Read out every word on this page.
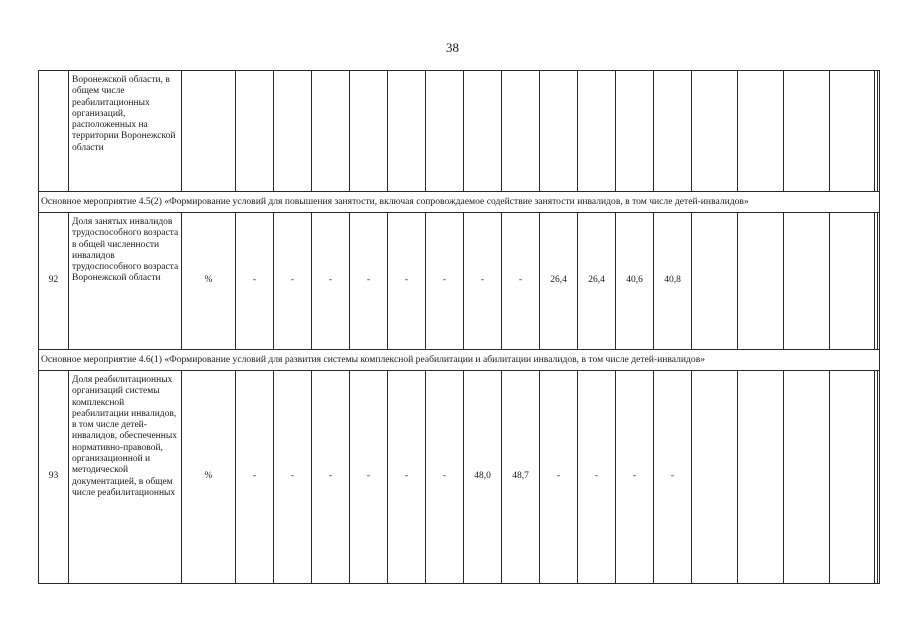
38
	Воронежской области, в общем числе реабилитационных организаций, расположенных на территории Воронежской области																			
Основное мероприятие 4.5(2) «Формирование условий для повышения занятости, включая сопровождаемое содействие занятости инвалидов, в том числе детей-инвалидов»																				
92	Доля занятых инвалидов трудоспособного возраста в общей численности инвалидов трудоспособного возраста Воронежской области	%	-	-	-	-	-	-	-	-	26,4	26,4	40,6	40,8						
Основное мероприятие 4.6(1) «Формирование условий для развития системы комплексной реабилитации и абилитации инвалидов, в том числе детей-инвалидов»																				
93	Доля реабилитационных организаций системы комплексной реабилитации инвалидов, в том числе детей-инвалидов, обеспеченных нормативно-правовой, организационной и методической документацией, в общем числе реабилитационных	%	-	-	-	-	-	-	48,0	48,7	-	-	-	-						
